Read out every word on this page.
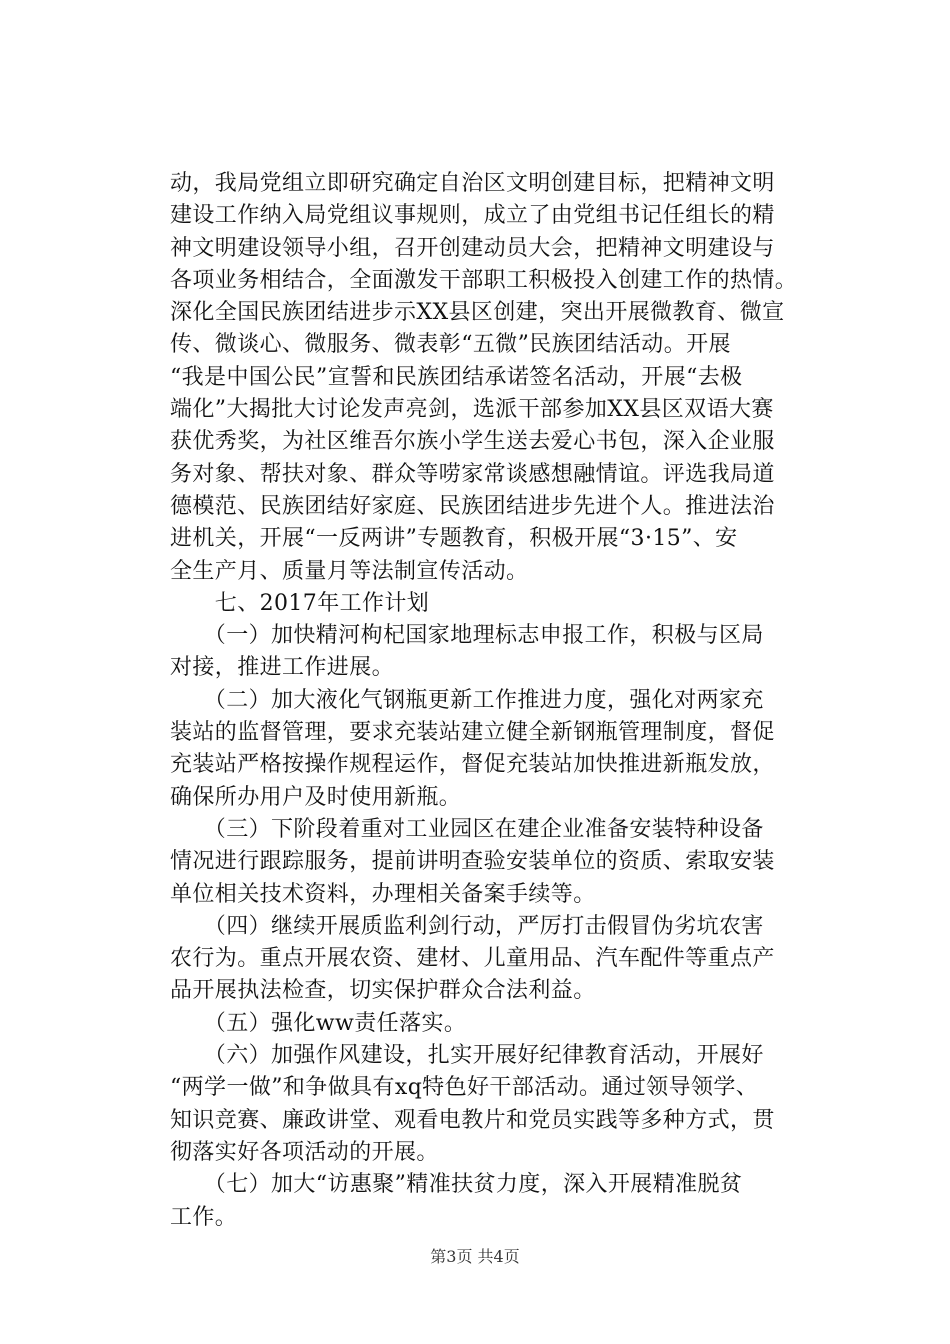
动，我局党组立即研究确定自治区文明创建目标，把精神文明
建设工作纳入局党组议事规则，成立了由党组书记任组长的精
神文明建设领导小组，召开创建动员大会，把精神文明建设与
各项业务相结合，全面激发干部职工积极投入创建工作的热情。
深化全国民族团结进步示XX县区创建，突出开展微教育、微宣
传、微谈心、微服务、微表彰“五微”民族团结活动。开展
“我是中国公民”宣誓和民族团结承诺签名活动，开展“去极
端化”大揭批大讨论发声亮剑，选派干部参加XX县区双语大赛
获优秀奖，为社区维吾尔族小学生送去爱心书包，深入企业服
务对象、帮扶对象、群众等唠家常谈感想融情谊。评选我局道
德模范、民族团结好家庭、民族团结进步先进个人。推进法治
进机关，开展“一反两讲”专题教育，积极开展“3·15”、安
全生产月、质量月等法制宣传活动。
　　七、2017年工作计划
　　（一）加快精河枸杞国家地理标志申报工作，积极与区局
对接，推进工作进展。
　　（二）加大液化气钢瓶更新工作推进力度，强化对两家充
装站的监督管理，要求充装站建立健全新钢瓶管理制度，督促
充装站严格按操作规程运作，督促充装站加快推进新瓶发放，
确保所办用户及时使用新瓶。
　　（三）下阶段着重对工业园区在建企业准备安装特种设备
情况进行跟踪服务，提前讲明查验安装单位的资质、索取安装
单位相关技术资料，办理相关备案手续等。
　　（四）继续开展质监利剑行动，严厉打击假冒伪劣坑农害
农行为。重点开展农资、建材、儿童用品、汽车配件等重点产
品开展执法检查，切实保护群众合法利益。
　　（五）强化ww责任落实。
　　（六）加强作风建设，扎实开展好纪律教育活动，开展好
“两学一做”和争做具有xq特色好干部活动。通过领导领学、
知识竞赛、廉政讲堂、观看电教片和党员实践等多种方式，贯
彻落实好各项活动的开展。
　　（七）加大“访惠聚”精准扶贫力度，深入开展精准脱贫
工作。
第3页 共4页
